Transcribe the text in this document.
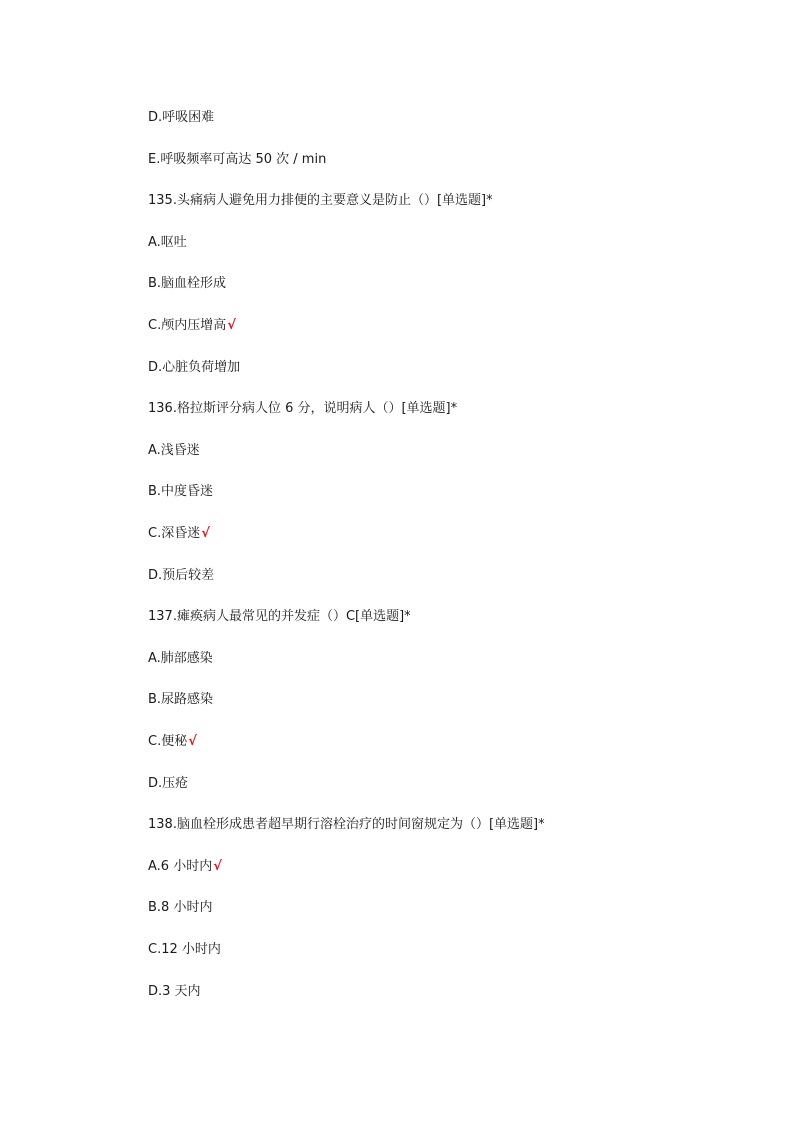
D.呼吸困难
E.呼吸频率可高达 50 次 / min
135.头痛病人避免用力排便的主要意义是防止（）[单选题]*
A.呕吐
B.脑血栓形成
C.颅内压增高√
D.心脏负荷增加
136.格拉斯评分病人位 6 分，说明病人（）[单选题]*
A.浅昏迷
B.中度昏迷
C.深昏迷√
D.预后较差
137.瘫痪病人最常见的并发症（）C[单选题]*
A.肺部感染
B.尿路感染
C.便秘√
D.压疮
138.脑血栓形成患者超早期行溶栓治疗的时间窗规定为（）[单选题]*
A.6 小时内√
B.8 小时内
C.12 小时内
D.3 天内
